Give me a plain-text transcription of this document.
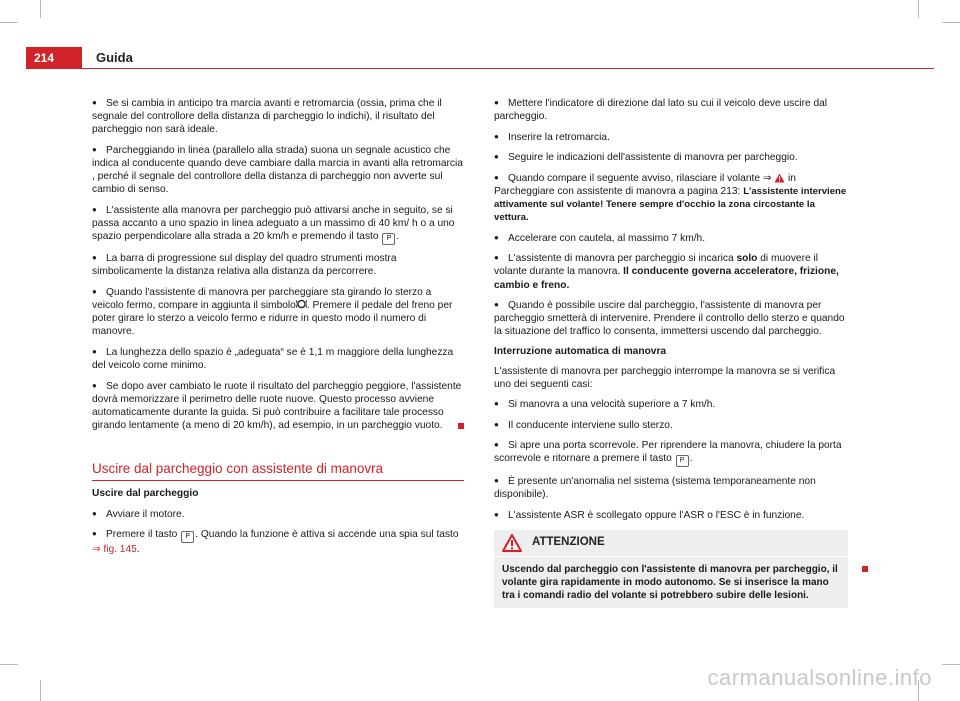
214	Guida

● Se si cambia in anticipo tra marcia avanti e retromarcia (ossia, prima che il segnale del controllore della distanza di parcheggio lo indichi), il risultato del parcheggio non sarà ideale.

● Parcheggiando in linea (parallelo alla strada) suona un segnale acustico che indica al conducente quando deve cambiare dalla marcia in avanti alla retromarcia , perché il segnale del controllore della distanza di parcheggio non avverte sul cambio di senso.

● L'assistente alla manovra per parcheggio può attivarsi anche in seguito, se si passa accanto a uno spazio in linea adeguato a un massimo di 40 km/ h o a uno spazio perpendicolare alla strada a 20 km/h e premendo il tasto P .

● La barra di progressione sul display del quadro strumenti mostra simbolicamente la distanza relativa alla distanza da percorrere.

● Quando l'assistente di manovra per parcheggiare sta girando lo sterzo a veicolo fermo, compare in aggiunta il simbolo . Premere il pedale del freno per poter girare lo sterzo a veicolo fermo e ridurre in questo modo il numero di manovre.

● La lunghezza dello spazio è „adeguata“ se è 1,1 m maggiore della lunghezza del veicolo come minimo.

● Se dopo aver cambiato le ruote il risultato del parcheggio peggiore, l'assistente dovrà memorizzare il perimetro delle ruote nuove. Questo processo avviene automaticamente durante la guida. Si può contribuire a facilitare tale processo girando lentamente (a meno di 20 km/h), ad esempio, in un parcheggio vuoto.

Uscire dal parcheggio con assistente di manovra

Uscire dal parcheggio

● Avviare il motore.

● Premere il tasto P . Quando la funzione è attiva si accende una spia sul tasto ⇒ fig. 145.

● Mettere l'indicatore di direzione dal lato su cui il veicolo deve uscire dal parcheggio.

● Inserire la retromarcia.

● Seguire le indicazioni dell'assistente di manovra per parcheggio.

● Quando compare il seguente avviso, rilasciare il volante ⇒  in Parcheggiare con assistente di manovra a pagina 213: L'assistente interviene attivamente sul volante! Tenere sempre d'occhio la zona circostante la vettura.

● Accelerare con cautela, al massimo 7 km/h.

● L'assistente di manovra per parcheggio si incarica solo di muovere il volante durante la manovra. Il conducente governa acceleratore, frizione, cambio e freno.

● Quando è possibile uscire dal parcheggio, l'assistente di manovra per parcheggio smetterà di intervenire. Prendere il controllo dello sterzo e quando la situazione del traffico lo consenta, immettersi uscendo dal parcheggio.

Interruzione automatica di manovra

L'assistente di manovra per parcheggio interrompe la manovra se si verifica uno dei seguenti casi:

● Si manovra a una velocità superiore a 7 km/h.

● Il conducente interviene sullo sterzo.

● Si apre una porta scorrevole. Per riprendere la manovra, chiudere la porta scorrevole e ritornare a premere il tasto P .

● È presente un'anomalia nel sistema (sistema temporaneamente non disponibile).

● L'assistente ASR è scollegato oppure l'ASR o l'ESC è in funzione.

ATTENZIONE
Uscendo dal parcheggio con l'assistente di manovra per parcheggio, il volante gira rapidamente in modo autonomo. Se si inserisce la mano tra i comandi radio del volante si potrebbero subire delle lesioni.
carmanualsonline.info
